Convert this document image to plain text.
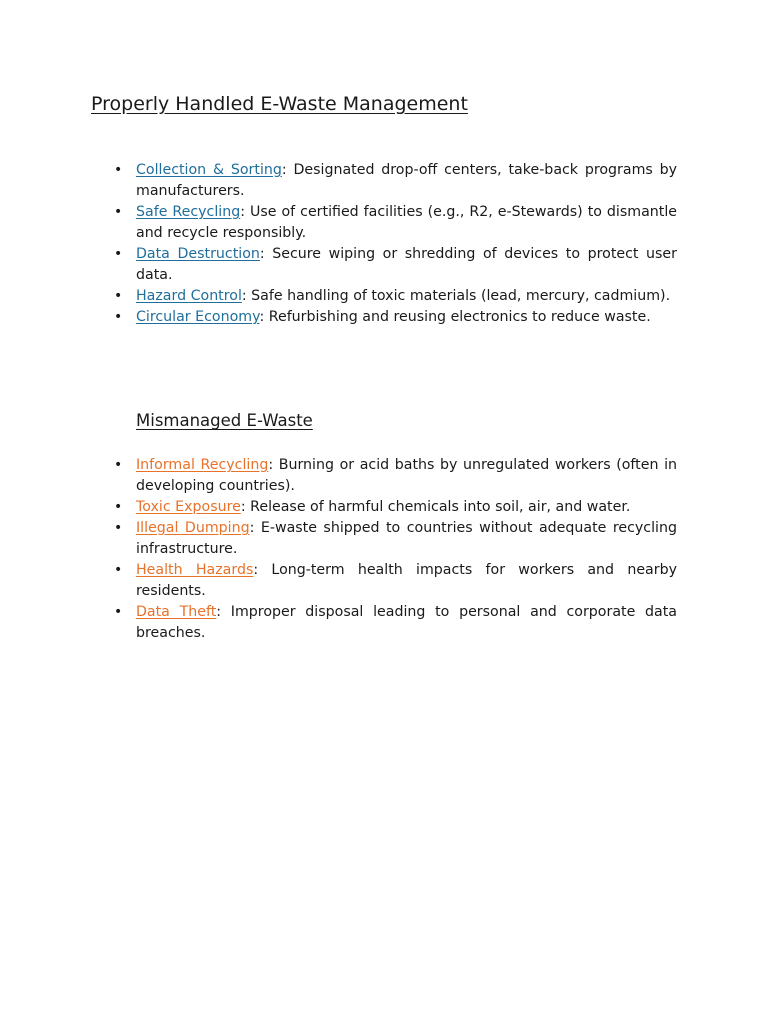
Properly Handled E-Waste Management
• Collection & Sorting: Designated drop-off centers, take-back programs by manufacturers.
• Safe Recycling: Use of certified facilities (e.g., R2, e-Stewards) to dismantle and recycle responsibly.
• Data Destruction: Secure wiping or shredding of devices to protect user data.
• Hazard Control: Safe handling of toxic materials (lead, mercury, cadmium).
• Circular Economy: Refurbishing and reusing electronics to reduce waste.
Mismanaged E-Waste
• Informal Recycling: Burning or acid baths by unregulated workers (often in developing countries).
• Toxic Exposure: Release of harmful chemicals into soil, air, and water.
• Illegal Dumping: E-waste shipped to countries without adequate recycling infrastructure.
• Health Hazards: Long-term health impacts for workers and nearby residents.
• Data Theft: Improper disposal leading to personal and corporate data breaches.
